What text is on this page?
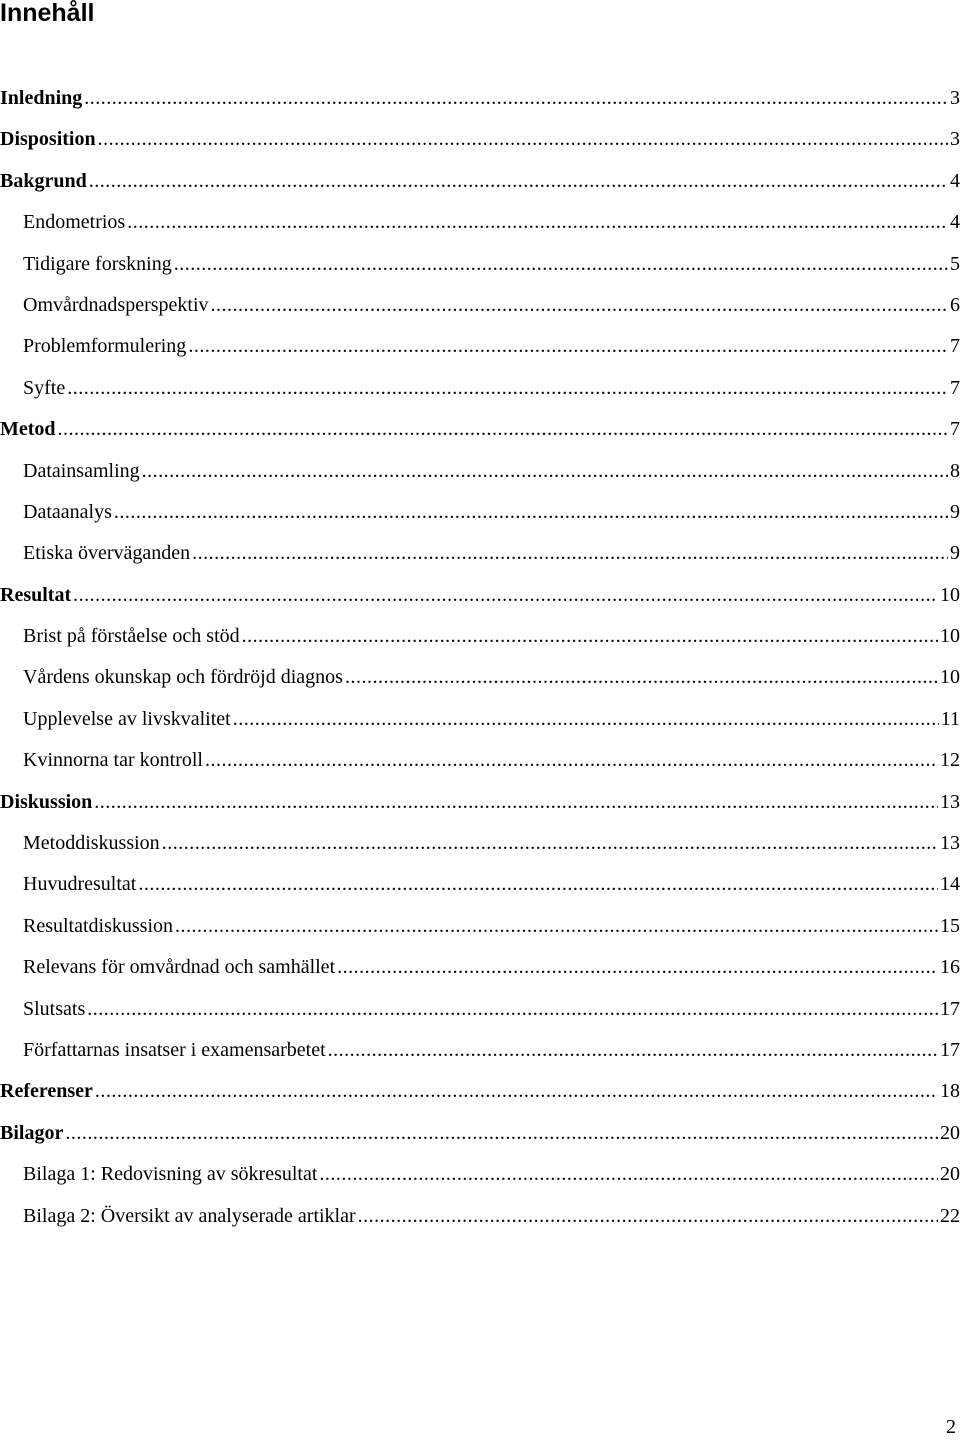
Innehåll
Inledning .....	3
Disposition .....	3
Bakgrund .....	4
Endometrios .....	4
Tidigare forskning .....	5
Omvårdnadsperspektiv .....	6
Problemformulering .....	7
Syfte .....	7
Metod .....	7
Datainsamling .....	8
Dataanalys .....	9
Etiska överväganden .....	9
Resultat .....	10
Brist på förståelse och stöd .....	10
Vårdens okunskap och fördröjd diagnos .....	10
Upplevelse av livskvalitet .....	11
Kvinnorna tar kontroll .....	12
Diskussion .....	13
Metoddiskussion .....	13
Huvudresultat .....	14
Resultatdiskussion .....	15
Relevans för omvårdnad och samhället .....	16
Slutsats .....	17
Författarnas insatser i examensarbetet .....	17
Referenser .....	18
Bilagor .....	20
Bilaga 1: Redovisning av sökresultat .....	20
Bilaga 2: Översikt av analyserade artiklar .....	22
2
